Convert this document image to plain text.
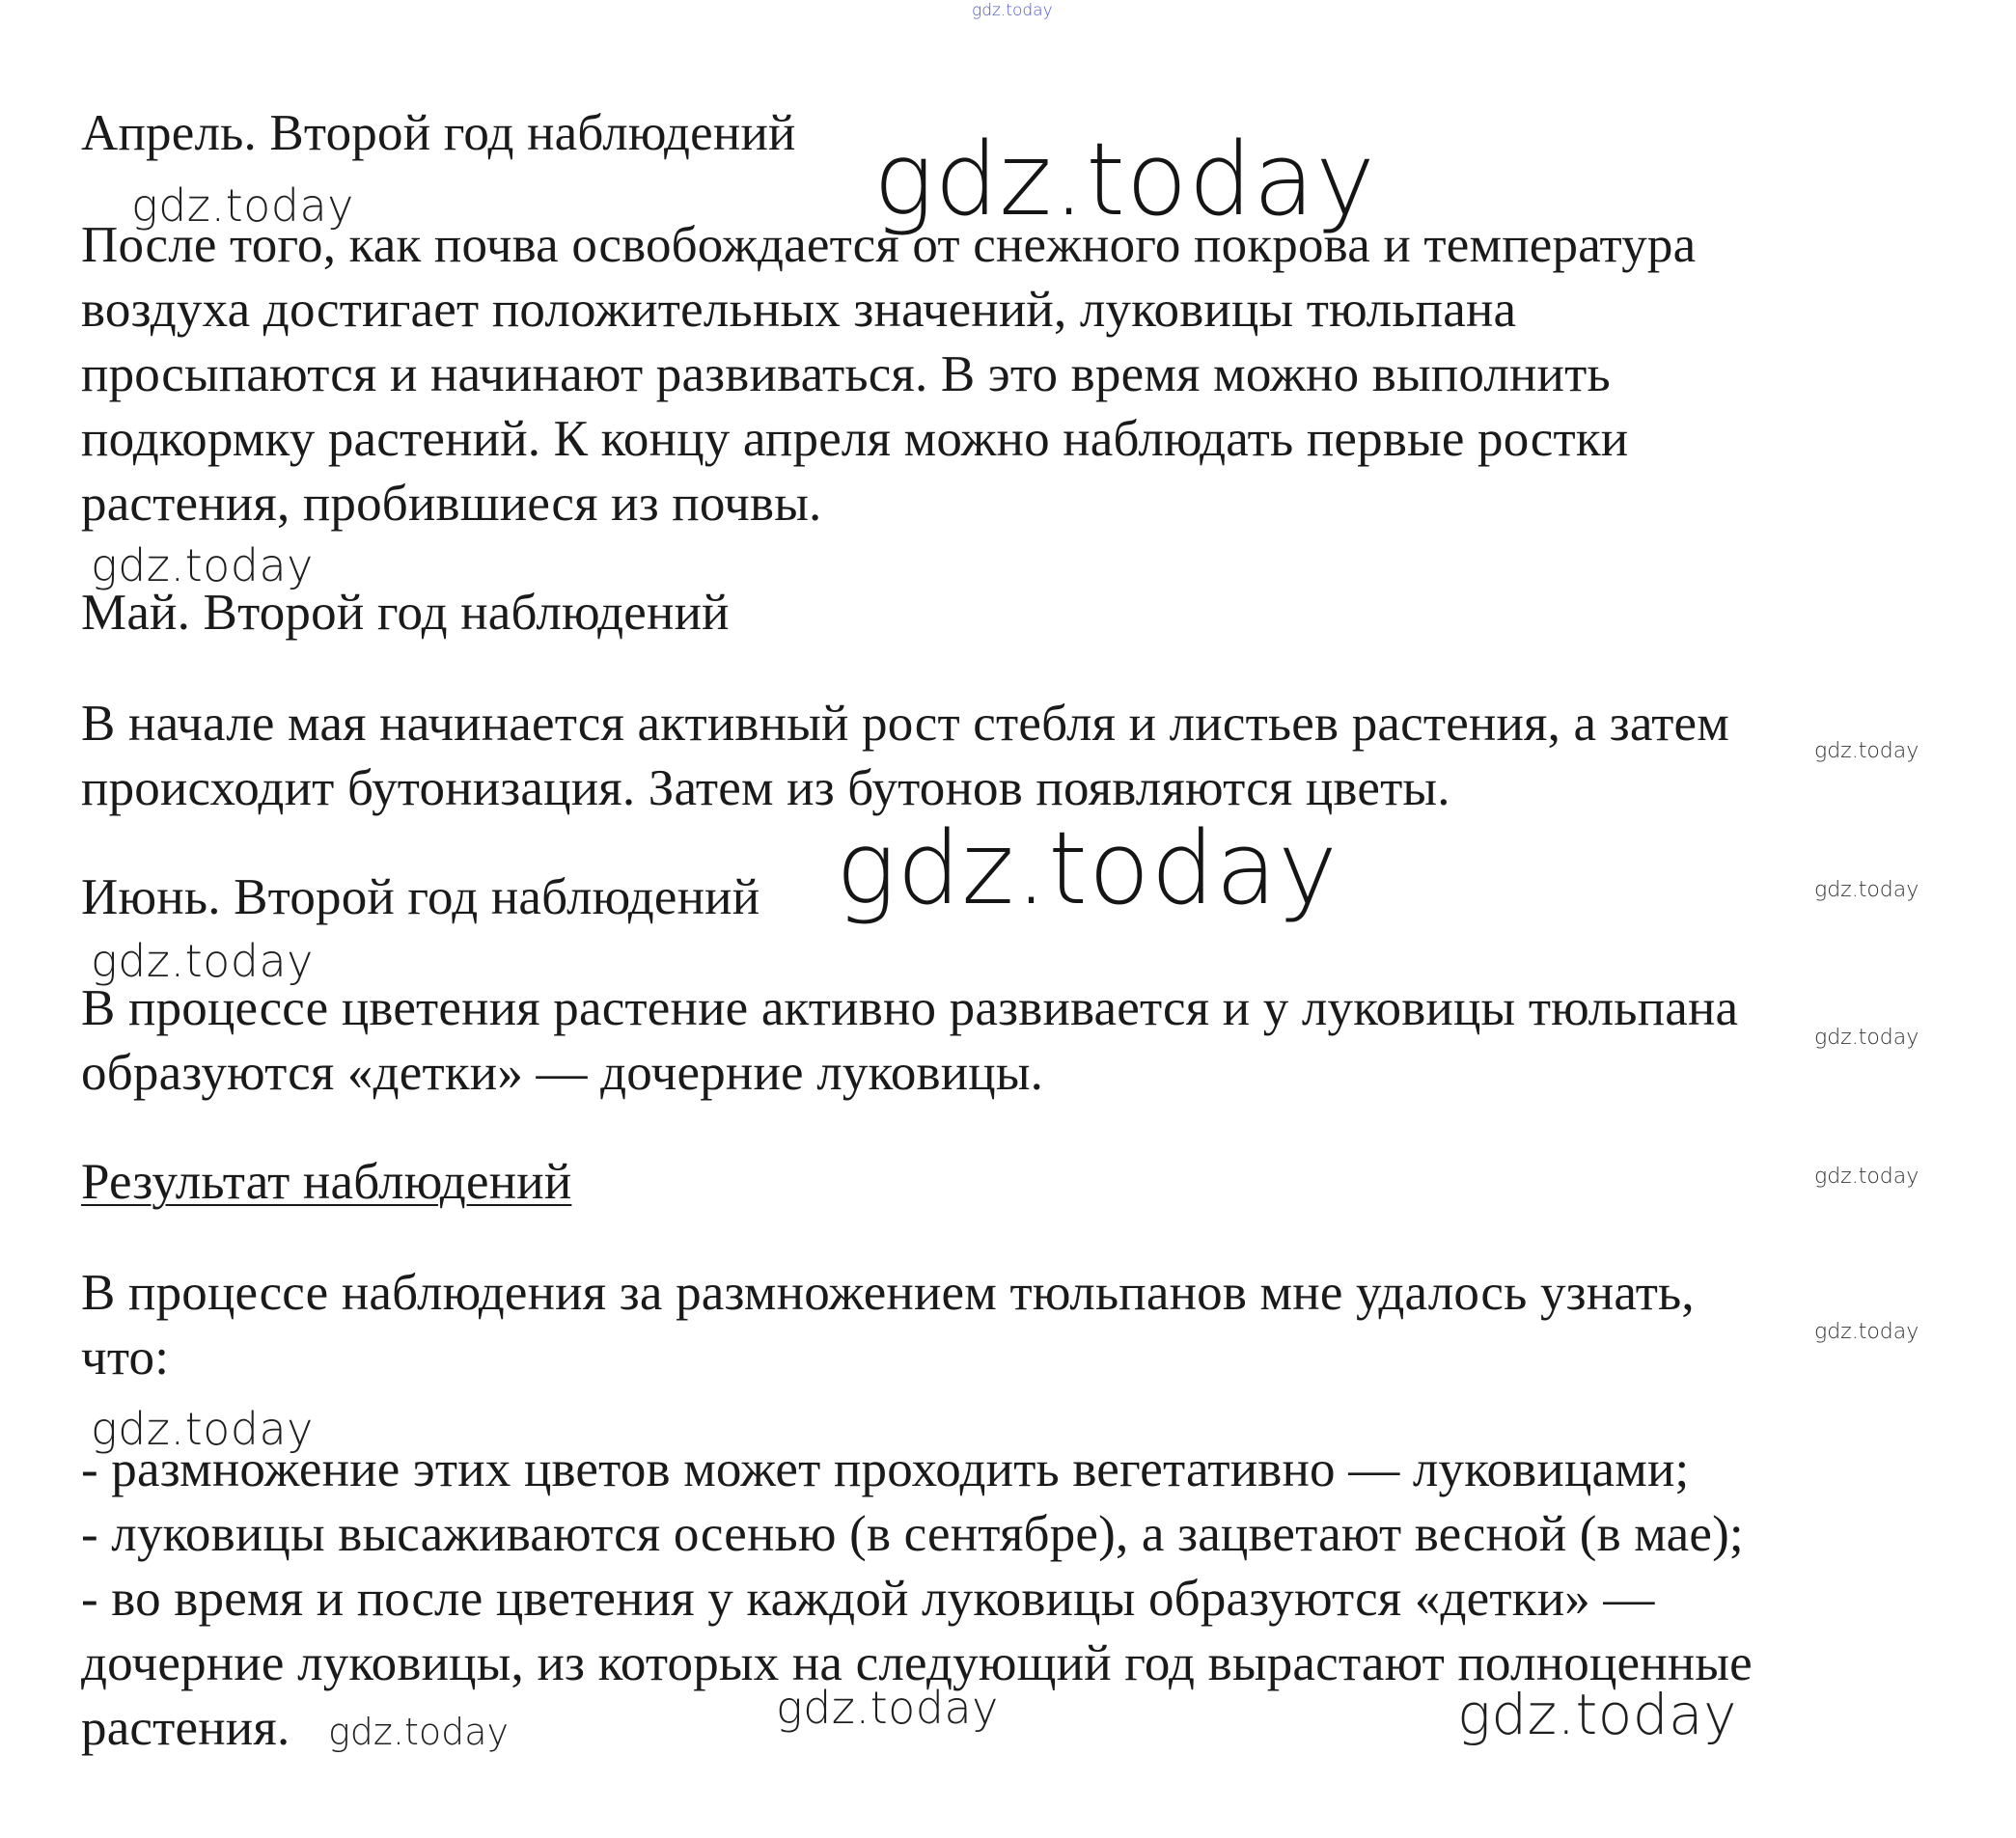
Апрель. Второй год наблюдений
После того, как почва освобождается от снежного покрова и температура
воздуха достигает положительных значений, луковицы тюльпана
просыпаются и начинают развиваться. В это время можно выполнить
подкормку растений. К концу апреля можно наблюдать первые ростки
растения, пробившиеся из почвы.
Май. Второй год наблюдений
В начале мая начинается активный рост стебля и листьев растения, а затем
происходит бутонизация. Затем из бутонов появляются цветы.
Июнь. Второй год наблюдений
В процессе цветения растение активно развивается и у луковицы тюльпана
образуются «детки» — дочерние луковицы.
Результат наблюдений
В процессе наблюдения за размножением тюльпанов мне удалось узнать,
что:
- размножение этих цветов может проходить вегетативно — луковицами;
- луковицы высаживаются осенью (в сентябре), а зацветают весной (в мае);
- во время и после цветения у каждой луковицы образуются «детки» —
дочерние луковицы, из которых на следующий год вырастают полноценные
растения.
gdz.today
gdz.today
gdz.today
gdz.today
gdz.today
gdz.today	gdz.today
gdz.today
gdz.today
gdz.today
gdz.today
gdz.today
gdz.today	gdz.today
gdz.today
